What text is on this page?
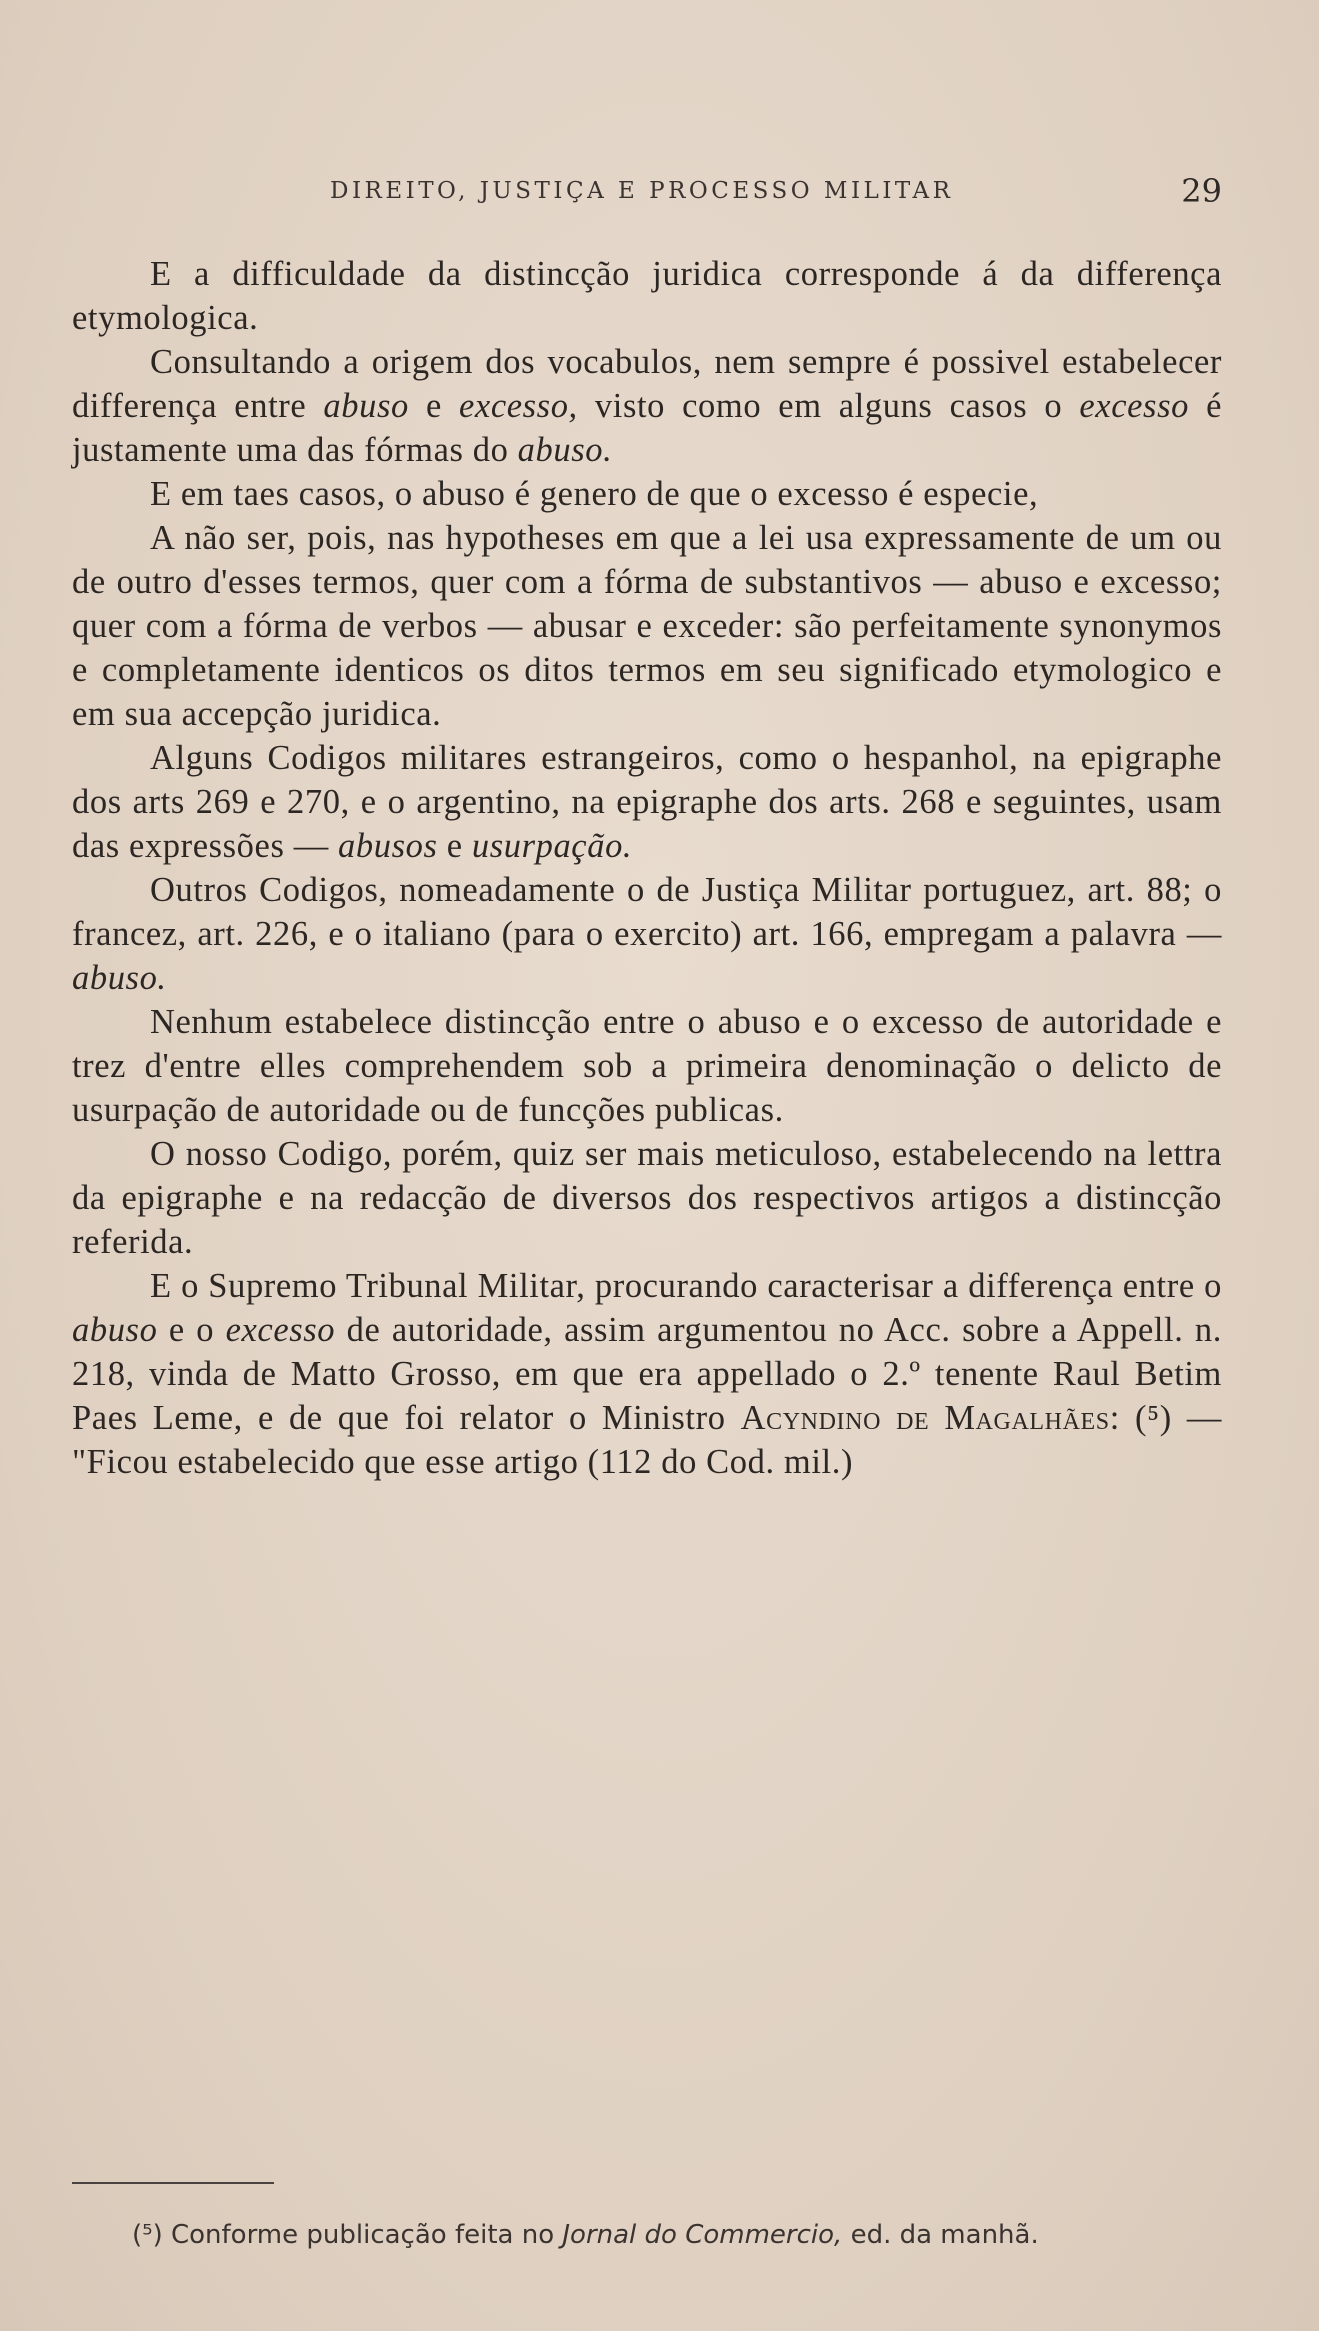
DIREITO, JUSTIÇA E PROCESSO MILITAR	29

E a difficuldade da distincção juridica corresponde á da differença etymologica.

Consultando a origem dos vocabulos, nem sempre é possivel estabelecer differença entre abuso e excesso, visto como em alguns casos o excesso é justamente uma das fórmas do abuso.

E em taes casos, o abuso é genero de que o excesso é especie,

A não ser, pois, nas hypotheses em que a lei usa expressamente de um ou de outro d'esses termos, quer com a fórma de substantivos — abuso e excesso; quer com a fórma de verbos — abusar e exceder: são perfeitamente synonymos e completamente identicos os ditos termos em seu significado etymologico e em sua accepção juridica.

Alguns Codigos militares estrangeiros, como o hespanhol, na epigraphe dos arts 269 e 270, e o argentino, na epigraphe dos arts. 268 e seguintes, usam das expressões — abusos e usurpação.

Outros Codigos, nomeadamente o de Justiça Militar portuguez, art. 88; o francez, art. 226, e o italiano (para o exercito) art. 166, empregam a palavra — abuso.

Nenhum estabelece distincção entre o abuso e o excesso de autoridade e trez d'entre elles comprehendem sob a primeira denominação o delicto de usurpação de autoridade ou de funcções publicas.

O nosso Codigo, porém, quiz ser mais meticuloso, estabelecendo na lettra da epigraphe e na redacção de diversos dos respectivos artigos a distincção referida.

E o Supremo Tribunal Militar, procurando caracterisar a differença entre o abuso e o excesso de autoridade, assim argumentou no Acc. sobre a Appell. n. 218, vinda de Matto Grosso, em que era appellado o 2.º tenente Raul Betim Paes Leme, e de que foi relator o Ministro Acyndino de Magalhães: (⁵) — "Ficou estabelecido que esse artigo (112 do Cod. mil.)

(⁵) Conforme publicação feita no Jornal do Commercio, ed. da manhã.
